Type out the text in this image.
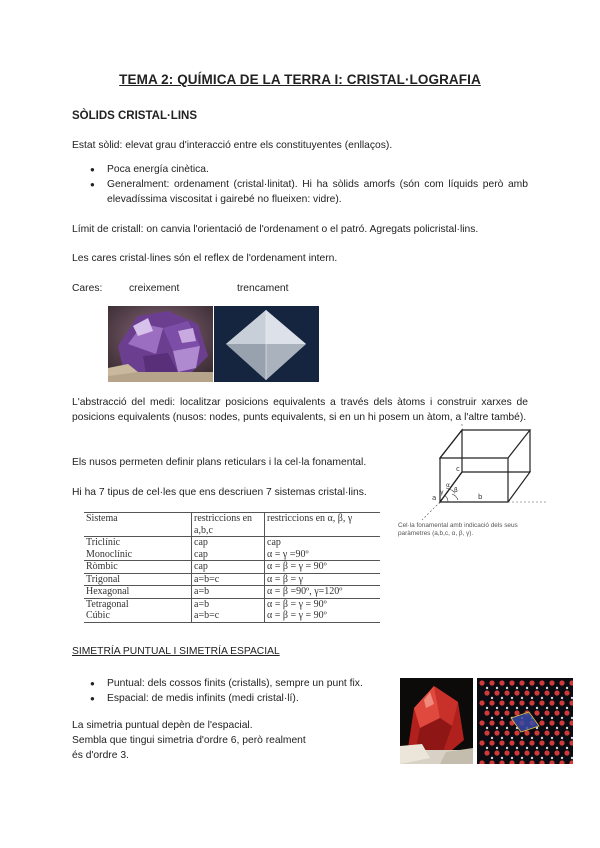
TEMA 2: QUÍMICA DE LA TERRA I: CRISTAL·LOGRAFIA
SÒLIDS CRISTAL·LINS
Estat sòlid: elevat grau d'interacció entre els constituyentes (enllaços).
● Poca energía cinètica.
● Generalment: ordenament (cristal·linitat). Hi ha sòlids amorfs (són com líquids però amb elevadíssima viscositat i gairebé no flueixen: vidre).
Límit de cristall: on canvia l'orientació de l'ordenament o el patró. Agregats policristal·lins.
Les cares cristal·lines són el reflex de l'ordenament intern.
Cares:	creixement	trencament
L'abstracció del medi: localitzar posicions equivalents a través dels àtoms i construir xarxes de posicions equivalents (nusos: nodes, punts equivalents, si en un hi posem un àtom, a l'altre també).
Els nusos permeten definir plans reticulars i la cel·la fonamental.
Hi ha 7 tipus de cel·les que ens descriuen 7 sistemas cristal·lins.	b
c
a
α
β
γ
Cel·la fonamental amb indicació dels seus paràmetres (a,b,c, α, β, γ).
Sistema	restriccions en a,b,c	restriccions en α, β, γ
Triclínic	cap	cap
Monoclínic	cap	α = γ =90º
Ròmbic	cap	α = β = γ = 90º
Trigonal	a=b=c	α = β = γ
Hexagonal	a=b	α = β =90º, γ=120º
Tetragonal	a=b	α = β = γ = 90º
Cúbic	a=b=c	α = β = γ = 90º
SIMETRÍA PUNTUAL I SIMETRÍA ESPACIAL
● Puntual: dels cossos finits (cristalls), sempre un punt fix.
● Espacial: de medis infinits (medi cristal·lí).
La simetria puntual depèn de l'espacial.
Sembla que tingui simetria d'ordre 6, però realment
és d'ordre 3.
